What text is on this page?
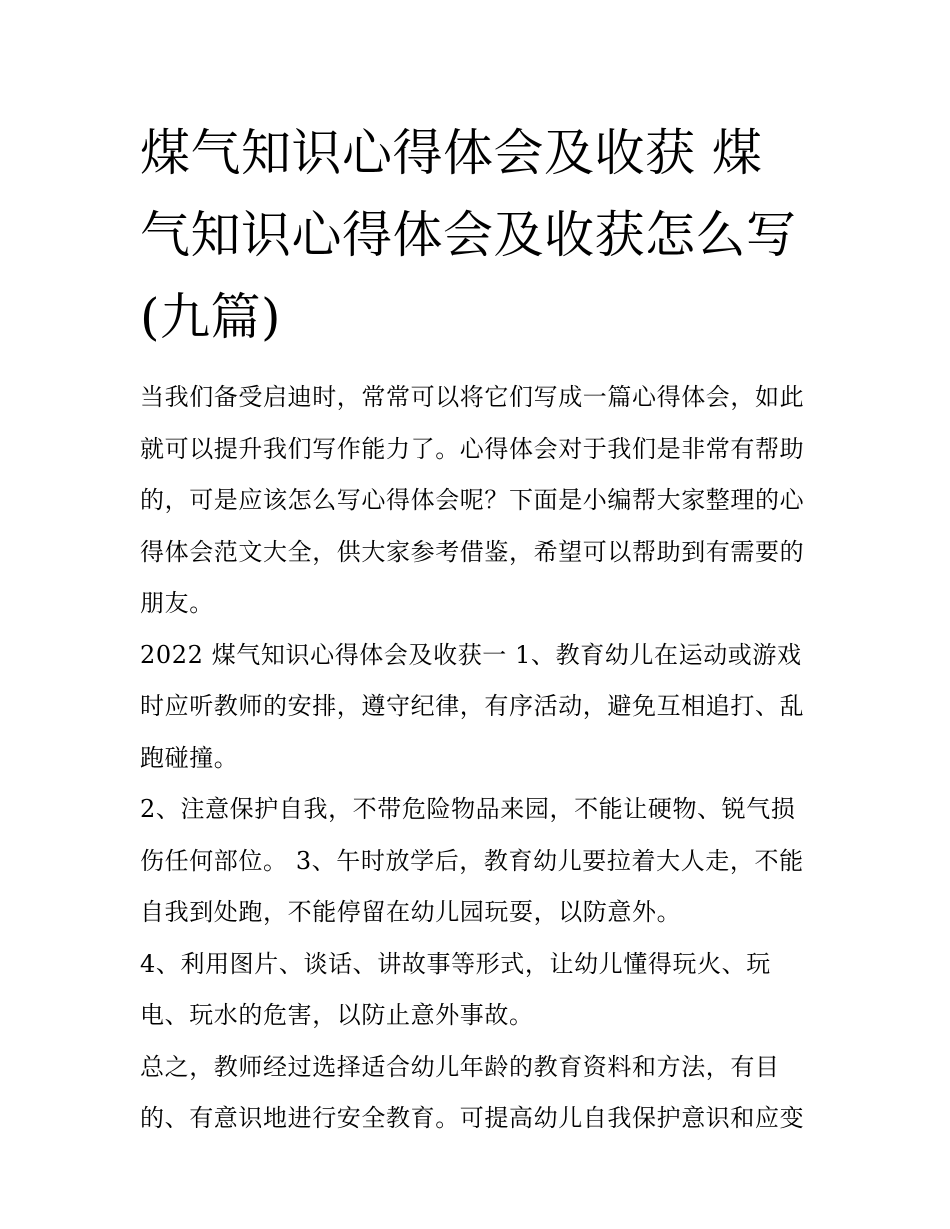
煤气知识心得体会及收获 煤气知识心得体会及收获怎么写(九篇)

当我们备受启迪时，常常可以将它们写成一篇心得体会，如此就可以提升我们写作能力了。心得体会对于我们是非常有帮助的，可是应该怎么写心得体会呢？下面是小编帮大家整理的心得体会范文大全，供大家参考借鉴，希望可以帮助到有需要的朋友。

2022 煤气知识心得体会及收获一 1、教育幼儿在运动或游戏时应听教师的安排，遵守纪律，有序活动，避免互相追打、乱跑碰撞。

2、注意保护自我，不带危险物品来园，不能让硬物、锐气损伤任何部位。 3、午时放学后，教育幼儿要拉着大人走，不能自我到处跑，不能停留在幼儿园玩耍，以防意外。

4、利用图片、谈话、讲故事等形式，让幼儿懂得玩火、玩电、玩水的危害，以防止意外事故。

总之，教师经过选择适合幼儿年龄的教育资料和方法，有目的、有意识地进行安全教育。可提高幼儿自我保护意识和应变
